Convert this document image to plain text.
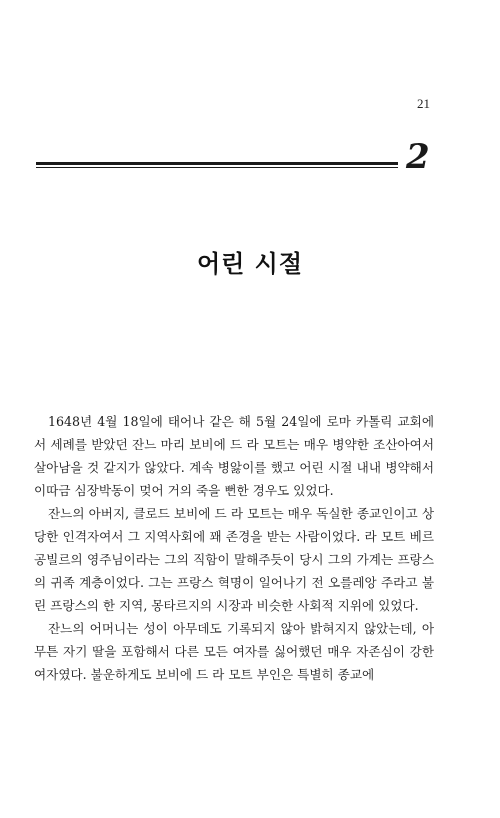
21
2
어린 시절

1648년 4월 18일에 태어나 같은 해 5월 24일에 로마 카톨릭 교회에서 세례를 받았던 잔느 마리 보비에 드 라 모트는 매우 병약한 조산아여서 살아남을 것 같지가 않았다. 계속 병앓이를 했고 어린 시절 내내 병약해서 이따금 심장박동이 멎어 거의 죽을 뻔한 경우도 있었다.

잔느의 아버지, 클로드 보비에 드 라 모트는 매우 독실한 종교인이고 상당한 인격자여서 그 지역사회에 꽤 존경을 받는 사람이었다. 라 모트 베르공빌르의 영주님이라는 그의 직함이 말해주듯이 당시 그의 가계는 프랑스의 귀족 계층이었다. 그는 프랑스 혁명이 일어나기 전 오를레앙 주라고 불린 프랑스의 한 지역, 몽타르지의 시장과 비슷한 사회적 지위에 있었다.

잔느의 어머니는 성이 아무데도 기록되지 않아 밝혀지지 않았는데, 아무튼 자기 딸을 포함해서 다른 모든 여자를 싫어했던 매우 자존심이 강한 여자였다. 불운하게도 보비에 드 라 모트 부인은 특별히 종교에
